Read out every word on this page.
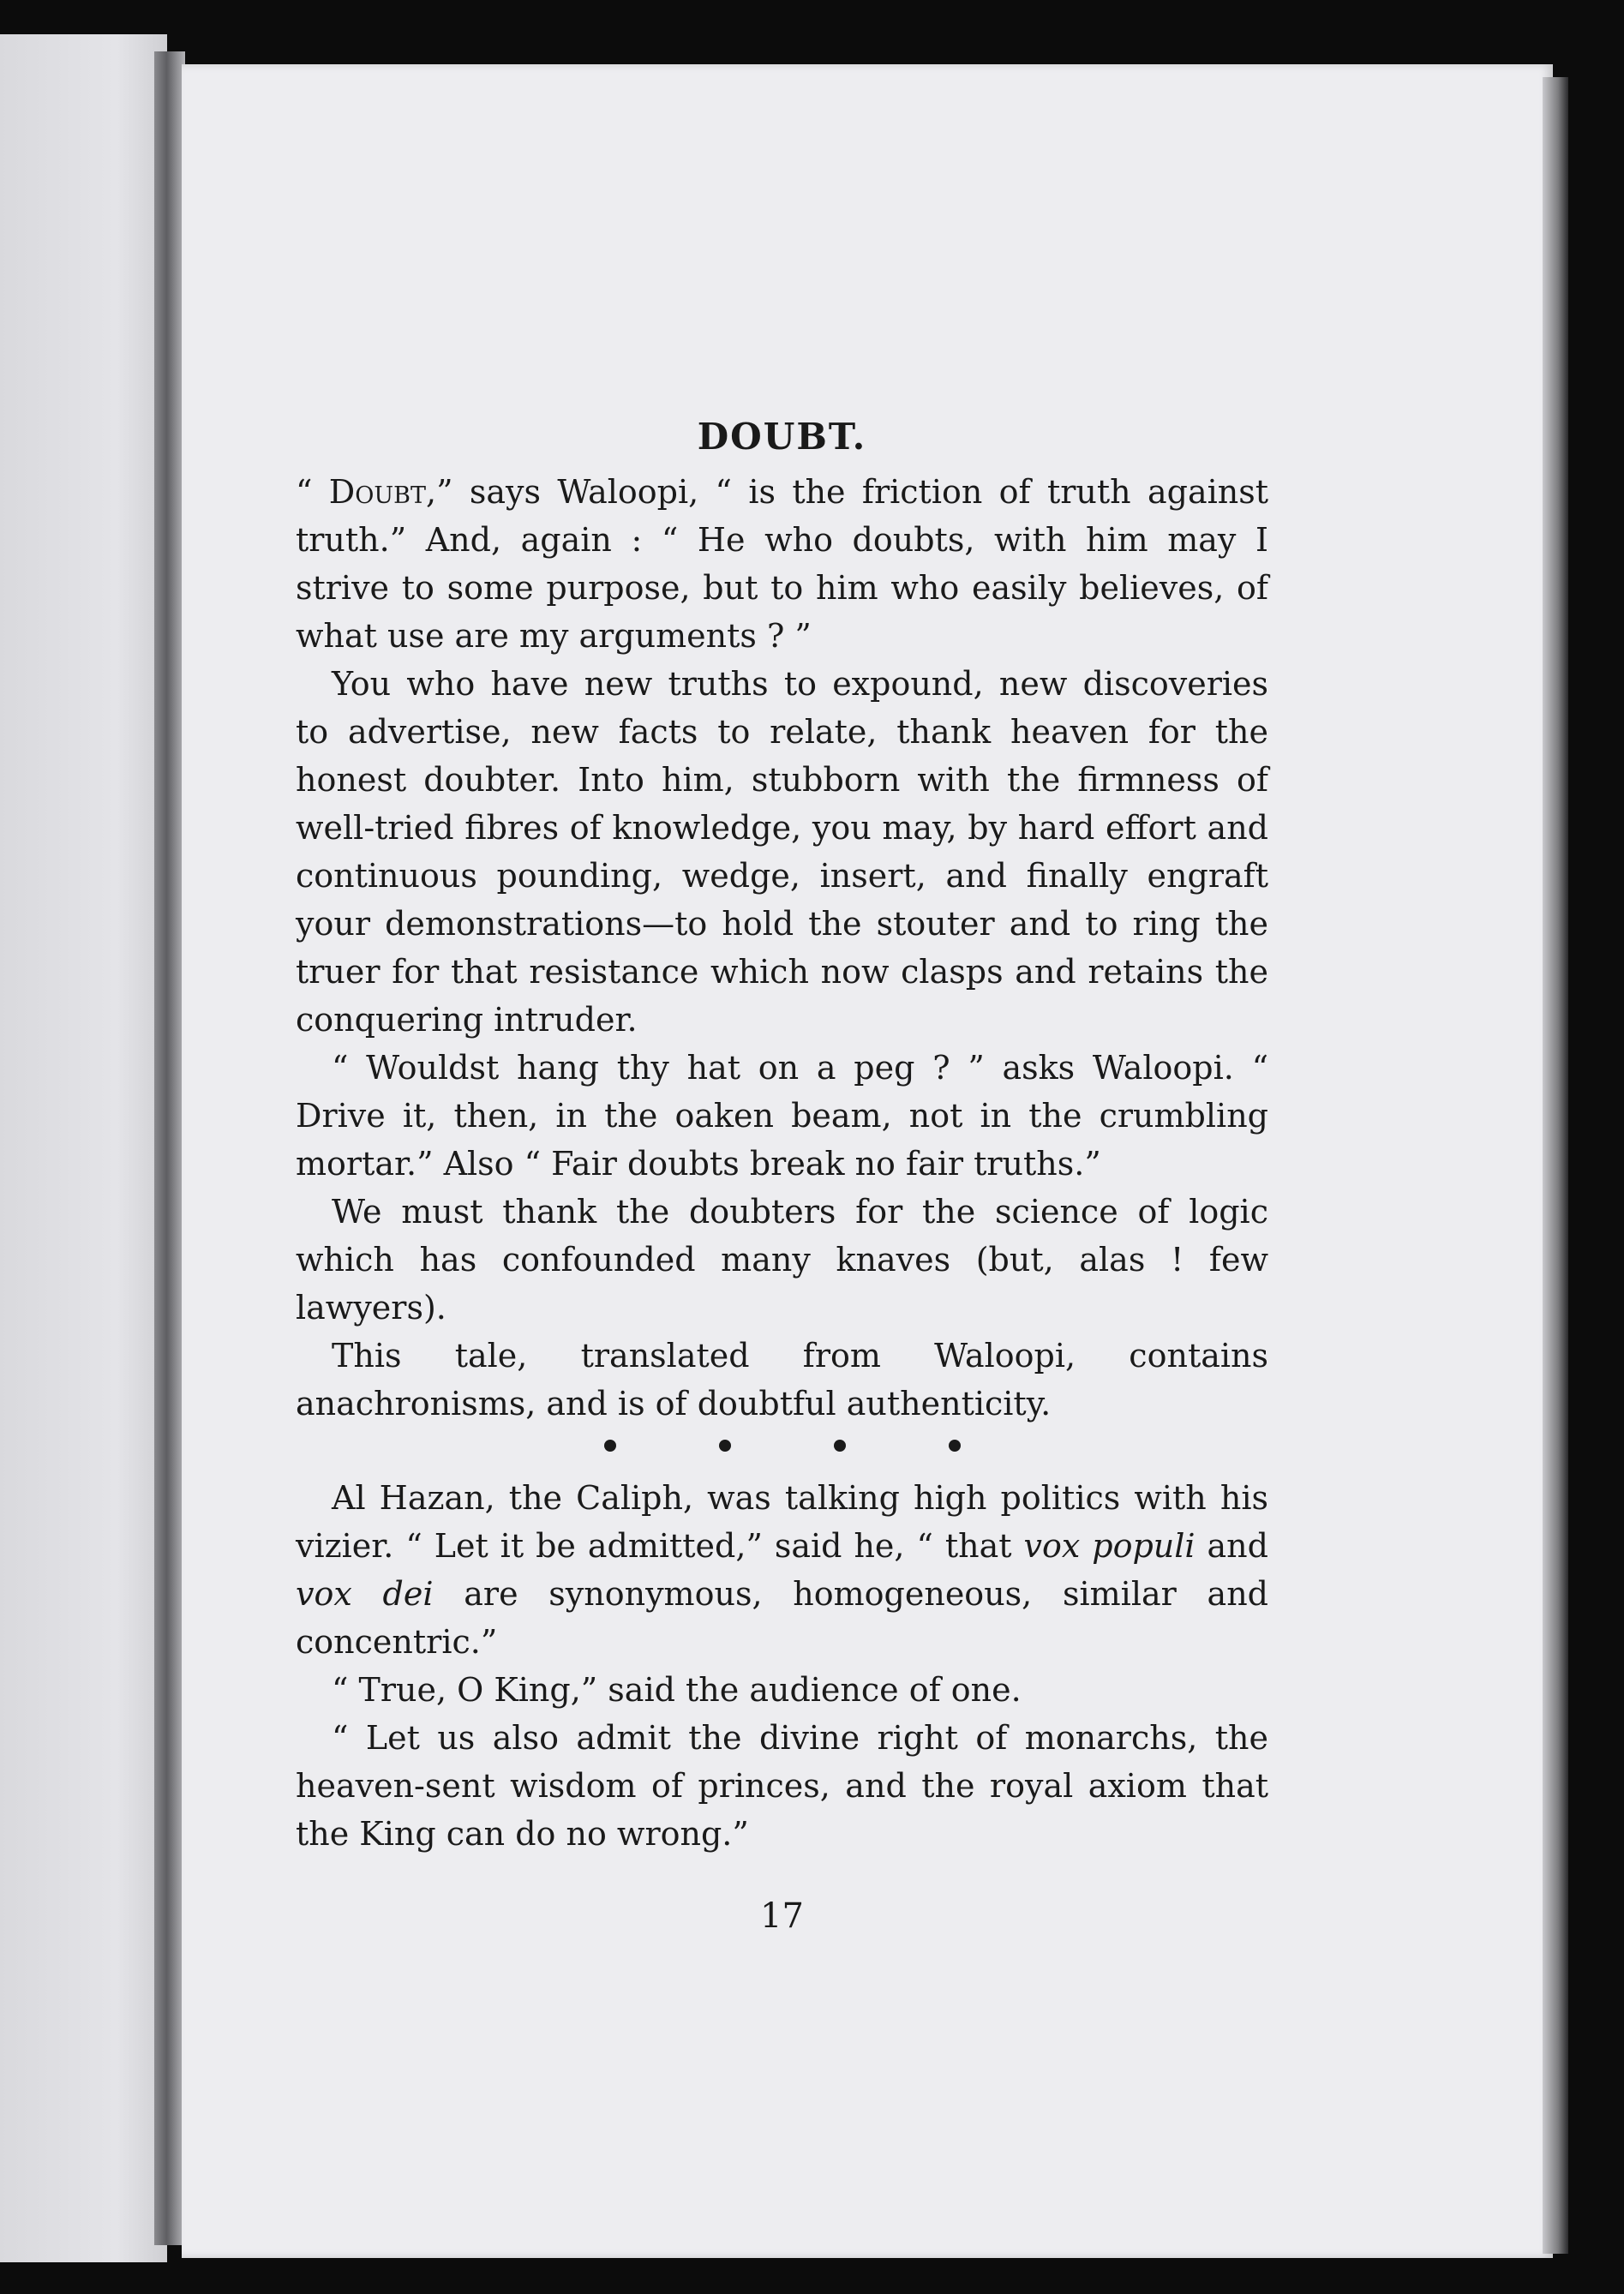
DOUBT.

“ Doubt,” says Waloopi, “ is the friction of truth against truth.” And, again : “ He who doubts, with him may I strive to some purpose, but to him who easily believes, of what use are my arguments ? ”

You who have new truths to expound, new discoveries to advertise, new facts to relate, thank heaven for the honest doubter. Into him, stubborn with the firmness of well-tried fibres of knowledge, you may, by hard effort and continuous pounding, wedge, insert, and finally engraft your demonstrations—to hold the stouter and to ring the truer for that resistance which now clasps and retains the conquering intruder.

“ Wouldst hang thy hat on a peg ? ” asks Waloopi. “ Drive it, then, in the oaken beam, not in the crumbling mortar.” Also “ Fair doubts break no fair truths.”

We must thank the doubters for the science of logic which has confounded many knaves (but, alas ! few lawyers).

This tale, translated from Waloopi, contains anachronisms, and is of doubtful authenticity.

Al Hazan, the Caliph, was talking high politics with his vizier. “ Let it be admitted,” said he, “ that vox populi and vox dei are synonymous, homogeneous, similar and concentric.”

“ True, O King,” said the audience of one.

“ Let us also admit the divine right of monarchs, the heaven-sent wisdom of princes, and the royal axiom that the King can do no wrong.”

17
